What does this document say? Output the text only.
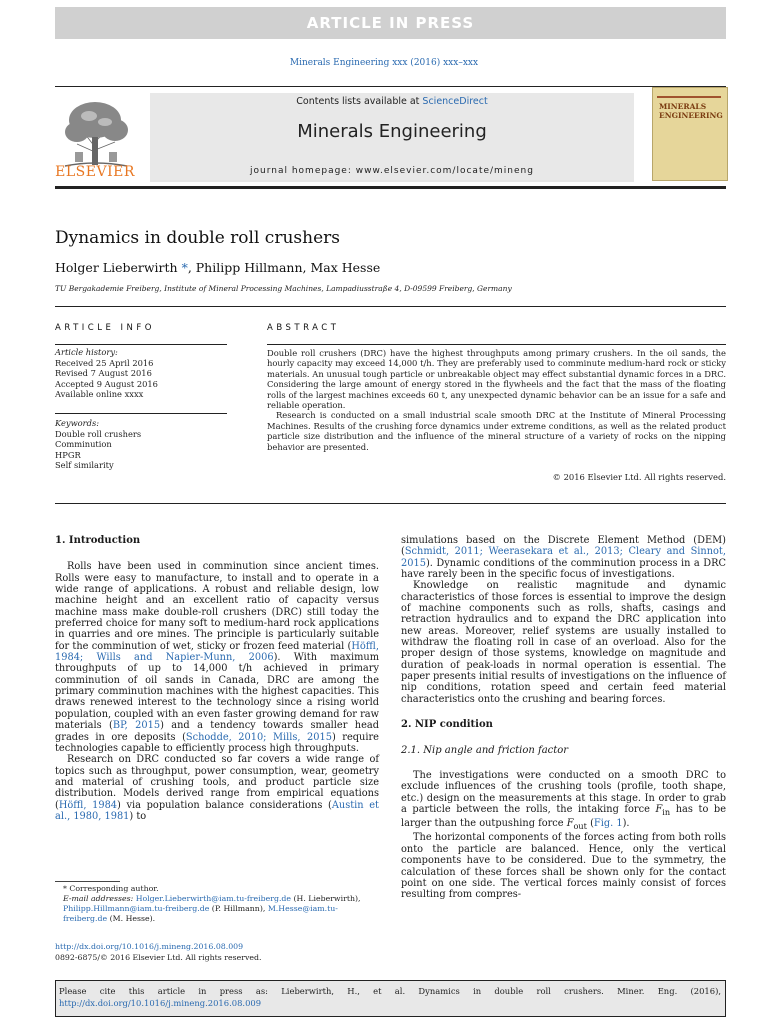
ARTICLE IN PRESS
Minerals Engineering xxx (2016) xxx–xxx
ELSEVIER
Contents lists available at ScienceDirect
Minerals Engineering
journal homepage: www.elsevier.com/locate/mineng
MINERALS
ENGINEERING
Dynamics in double roll crushers
Holger Lieberwirth *, Philipp Hillmann, Max Hesse
TU Bergakademie Freiberg, Institute of Mineral Processing Machines, Lampadiusstraße 4, D-09599 Freiberg, Germany
ARTICLE INFO	ABSTRACT
Article history:
Received 25 April 2016
Revised 7 August 2016
Accepted 9 August 2016
Available online xxxx
Keywords:
Double roll crushers
Comminution
HPGR
Self similarity

Double roll crushers (DRC) have the highest throughputs among primary crushers. In the oil sands, the hourly capacity may exceed 14,000 t/h. They are preferably used to comminute medium-hard rock or sticky materials. An unusual tough particle or unbreakable object may effect substantial dynamic forces in a DRC. Considering the large amount of energy stored in the flywheels and the fact that the mass of the floating rolls of the largest machines exceeds 60 t, any unexpected dynamic behavior can be an issue for a safe and reliable operation.

Research is conducted on a small industrial scale smooth DRC at the Institute of Mineral Processing Machines. Results of the crushing force dynamics under extreme conditions, as well as the related product particle size distribution and the influence of the mineral structure of a variety of rocks on the nipping behavior are presented.

© 2016 Elsevier Ltd. All rights reserved.
1. Introduction

Rolls have been used in comminution since ancient times. Rolls were easy to manufacture, to install and to operate in a wide range of applications. A robust and reliable design, low machine height and an excellent ratio of capacity versus machine mass make double-roll crushers (DRC) still today the preferred choice for many soft to medium-hard rock applications in quarries and ore mines. The principle is particularly suitable for the comminution of wet, sticky or frozen feed material (Höffl, 1984; Wills and Napier-Munn, 2006). With maximum throughputs of up to 14,000 t/h achieved in primary comminution of oil sands in Canada, DRC are among the primary comminution machines with the highest capacities. This draws renewed interest to the technology since a rising world population, coupled with an even faster growing demand for raw materials (BP, 2015) and a tendency towards smaller head grades in ore deposits (Schodde, 2010; Mills, 2015) require technologies capable to efficiently process high throughputs.

Research on DRC conducted so far covers a wide range of topics such as throughput, power consumption, wear, geometry and material of crushing tools, and product particle size distribution. Models derived range from empirical equations (Höffl, 1984) via population balance considerations (Austin et al., 1980, 1981) to

simulations based on the Discrete Element Method (DEM) (Schmidt, 2011; Weerasekara et al., 2013; Cleary and Sinnot, 2015). Dynamic conditions of the comminution process in a DRC have rarely been in the specific focus of investigations.

Knowledge on realistic magnitude and dynamic characteristics of those forces is essential to improve the design of machine components such as rolls, shafts, casings and retraction hydraulics and to expand the DRC application into new areas. Moreover, relief systems are usually installed to withdraw the floating roll in case of an overload. Also for the proper design of those systems, knowledge on magnitude and duration of peak-loads in normal operation is essential. The paper presents initial results of investigations on the influence of nip conditions, rotation speed and certain feed material characteristics onto the crushing and bearing forces.

2. NIP condition
2.1. Nip angle and friction factor

The investigations were conducted on a smooth DRC to exclude influences of the crushing tools (profile, tooth shape, etc.) design on the measurements at this stage. In order to grab a particle between the rolls, the intaking force $F_{in}$ has to be larger than the outpushing force $F_{out}$ (Fig. 1).

The horizontal components of the forces acting from both rolls onto the particle are balanced. Hence, only the vertical components have to be considered. Due to the symmetry, the calculation of these forces shall be shown only for the contact point on one side. The vertical forces mainly consist of forces resulting from compres-

* Corresponding author.
E-mail addresses: Holger.Lieberwirth@iam.tu-freiberg.de (H. Lieberwirth), Philipp.Hillmann@iam.tu-freiberg.de (P. Hillmann), M.Hesse@iam.tu-freiberg.de (M. Hesse).
http://dx.doi.org/10.1016/j.mineng.2016.08.009
0892-6875/© 2016 Elsevier Ltd. All rights reserved.
Please cite this article in press as: Lieberwirth, H., et al. Dynamics in double roll crushers. Miner. Eng. (2016), http://dx.doi.org/10.1016/j.mineng.2016.08.009
